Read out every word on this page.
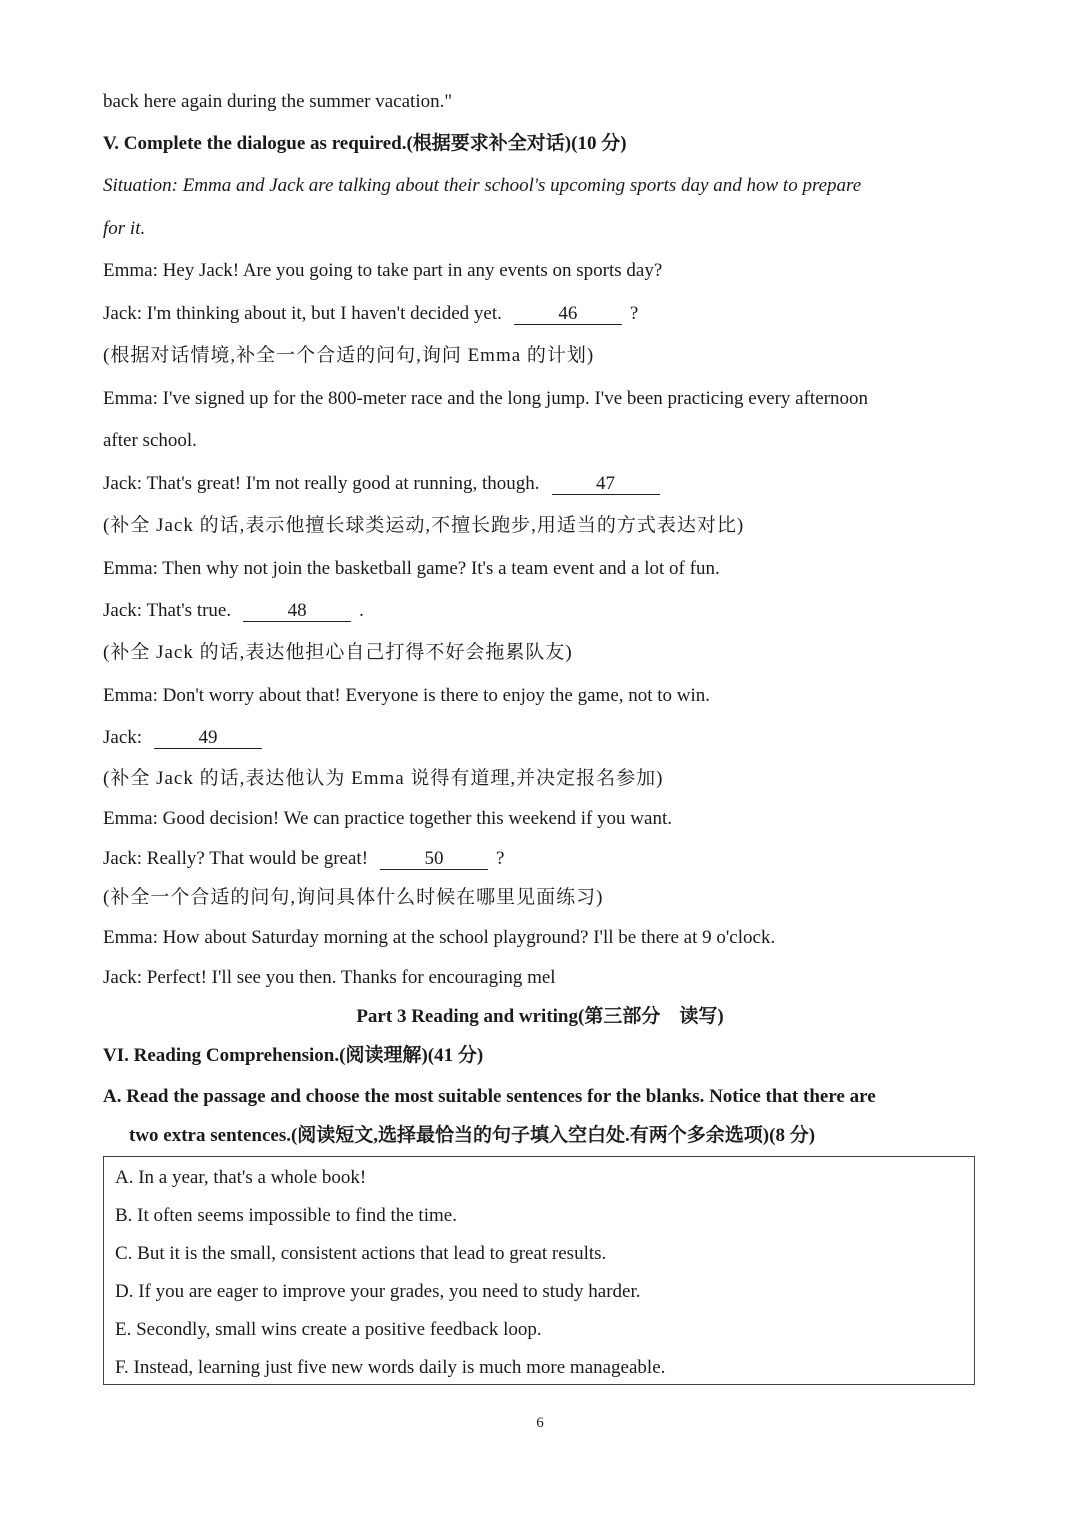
back here again during the summer vacation."
V. Complete the dialogue as required.(根据要求补全对话)(10 分)
Situation: Emma and Jack are talking about their school's upcoming sports day and how to prepare
for it.
Emma: Hey Jack! Are you going to take part in any events on sports day?
Jack: I'm thinking about it, but I haven't decided yet.	46	?
(根据对话情境,补全一个合适的问句,询问 Emma 的计划)
Emma: I've signed up for the 800-meter race and the long jump. I've been practicing every afternoon
after school.
Jack: That's great! I'm not really good at running, though.	47
(补全 Jack 的话,表示他擅长球类运动,不擅长跑步,用适当的方式表达对比)
Emma: Then why not join the basketball game? It's a team event and a lot of fun.
Jack: That's true.	48	.
(补全 Jack 的话,表达他担心自己打得不好会拖累队友)
Emma: Don't worry about that! Everyone is there to enjoy the game, not to win.
Jack:	49
(补全 Jack 的话,表达他认为 Emma 说得有道理,并决定报名参加)
Emma: Good decision! We can practice together this weekend if you want.
Jack: Really? That would be great!	50	?
(补全一个合适的问句,询问具体什么时候在哪里见面练习)
Emma: How about Saturday morning at the school playground? I'll be there at 9 o'clock.
Jack: Perfect! I'll see you then. Thanks for encouraging mel
Part 3 Reading and writing(第三部分　读写)
VI. Reading Comprehension.(阅读理解)(41 分)
A. Read the passage and choose the most suitable sentences for the blanks. Notice that there are
two extra sentences.(阅读短文,选择最恰当的句子填入空白处.有两个多余选项)(8 分)
A. In a year, that's a whole book!
B. It often seems impossible to find the time.
C. But it is the small, consistent actions that lead to great results.
D. If you are eager to improve your grades, you need to study harder.
E. Secondly, small wins create a positive feedback loop.
F. Instead, learning just five new words daily is much more manageable.
6
